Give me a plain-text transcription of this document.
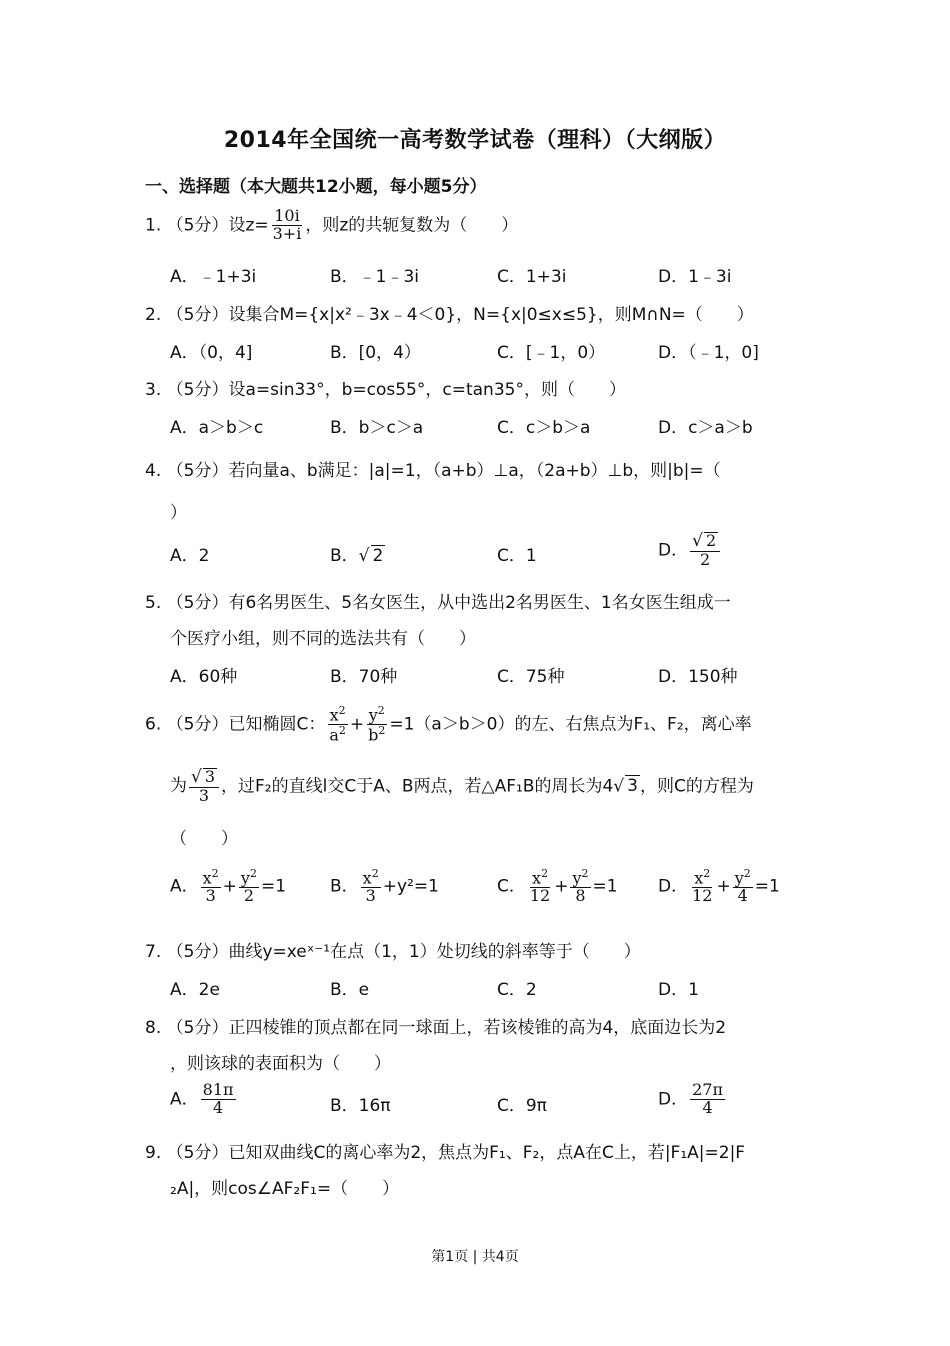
2014年全国统一高考数学试卷（理科）（大纲版）
一、选择题（本大题共12小题，每小题5分）
1. （5分）设$z= \frac{10i}{3+i}$ ，则z的共轭复数为（　　）
A．﹣1+3i	B．﹣1﹣3i	C．1+3i	D．1﹣3i
2. （5分）设集合M={x|x²﹣3x﹣4＜0}，N={x|0≤x≤5}，则M∩N=（　　）
A．（0，4]	B．[0，4）	C．[﹣1，0）	D．（﹣1，0]
3. （5分）设a=sin33°，b=cos55°，c=tan35°，则（　　）
A．a＞b＞c	B．b＞c＞a	C．c＞b＞a	D．c＞a＞b
4. （5分）若向量a、b满足：|a|=1，（a+b）⊥a，（2a+b）⊥b，则|b|=（
）
A．2	B．√ 2	C．1	D． $\frac{√ 2}{2}$
5. （5分）有6名男医生、5名女医生，从中选出2名男医生、1名女医生组成一
个医疗小组，则不同的选法共有（　　）
A．60种	B．70种	C．75种	D．150种
6. （5分）已知椭圆C： $\frac{x^2}{a^2} + \frac{y^2}{b^2} =1(a>b>0)$的左、右焦点为F₁、F₂，离心率
为 $\frac{√ 3}{3}$ ，过F₂的直线l交C于A、B两点，若△AF₁B的周长为4√ 3 ，则C的方程为
（　　）
A． $\frac{x^2}{3} + \frac{y^2}{2} =1$	B． $\frac{x^2}{3} +y^2=1$	C． $\frac{x^2}{12} + \frac{y^2}{8} =1$ D． $\frac{x^2}{12} + \frac{y^2}{4} =1$
7. （5分）曲线y=xeˣ⁻¹在点（1，1）处切线的斜率等于（　　）
A．2e	B．e	C．2	D．1
8. （5分）正四棱锥的顶点都在同一球面上，若该棱锥的高为4，底面边长为2
，则该球的表面积为（　　）
A． $\frac{81\pi}{4}$	B．16π	C．9π	D． $\frac{27\pi}{4}$
9. （5分）已知双曲线C的离心率为2，焦点为F₁、F₂，点A在C上，若|F₁A|=2|F
₂A|，则cos∠AF₂F₁=（　　）
第1页 | 共4页
